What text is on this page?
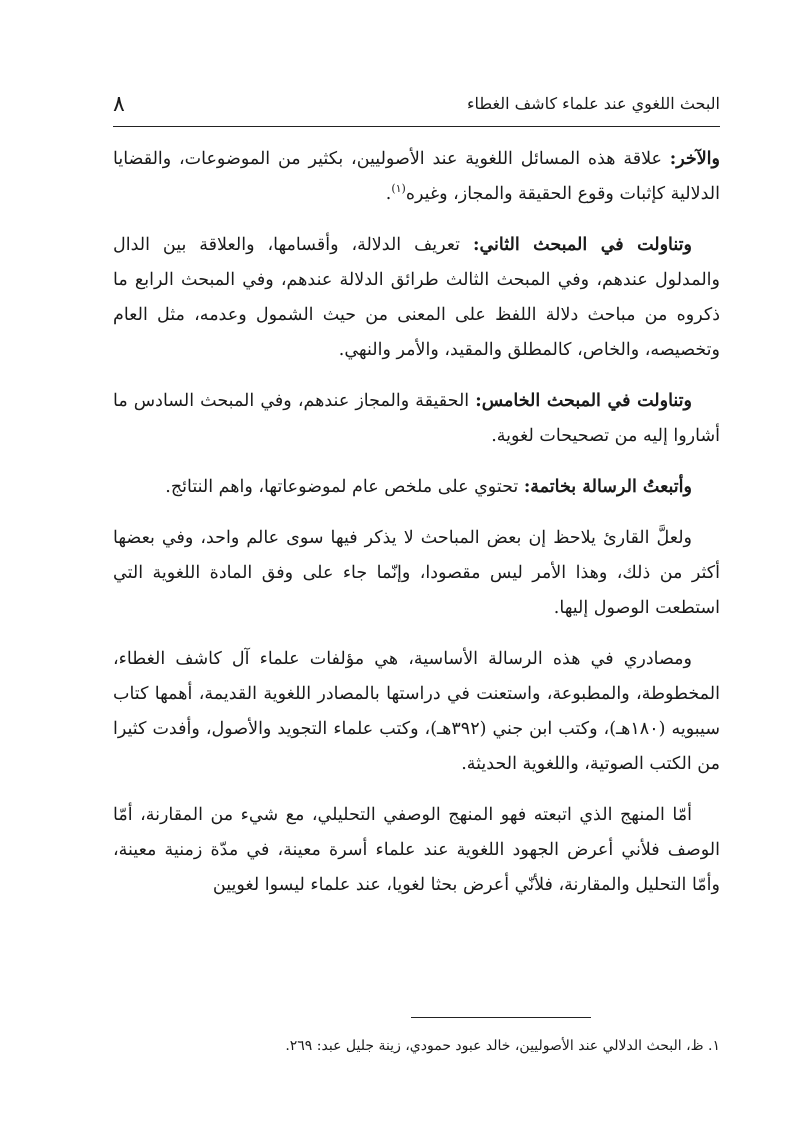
البحث اللغوي عند علماء كاشف الغطاء
٨

والآخر: علاقة هذه المسائل اللغوية عند الأصوليين، بكثير من الموضوعات، والقضايا الدلالية كإثبات وقوع الحقيقة والمجاز، وغيره$^{(١)}$.

وتناولت في المبحث الثاني: تعريف الدلالة، وأقسامها، والعلاقة بين الدال والمدلول عندهم، وفي المبحث الثالث طرائق الدلالة عندهم، وفي المبحث الرابع ما ذكروه من مباحث دلالة اللفظ على المعنى من حيث الشمول وعدمه، مثل العام وتخصيصه، والخاص، كالمطلق والمقيد، والأمر والنهي.

وتناولت في المبحث الخامس: الحقيقة والمجاز عندهم، وفي المبحث السادس ما أشاروا إليه من تصحيحات لغوية.

وأتبعتُ الرسالة بخاتمة: تحتوي على ملخص عام لموضوعاتها، واهم النتائج.

ولعلَّ القارئ يلاحظ إن بعض المباحث لا يذكر فيها سوى عالم واحد، وفي بعضها أكثر من ذلك، وهذا الأمر ليس مقصودا، وإنّما جاء على وفق المادة اللغوية التي استطعت الوصول إليها.

ومصادري في هذه الرسالة الأساسية، هي مؤلفات علماء آل كاشف الغطاء، المخطوطة، والمطبوعة، واستعنت في دراستها بالمصادر اللغوية القديمة، أهمها كتاب سيبويه (١٨٠هـ)، وكتب ابن جني (٣٩٢هـ)، وكتب علماء التجويد والأصول، وأفدت كثيرا من الكتب الصوتية، واللغوية الحديثة.

أمّا المنهج الذي اتبعته فهو المنهج الوصفي التحليلي، مع شيء من المقارنة، أمّا الوصف فلأني أعرض الجهود اللغوية عند علماء أسرة معينة، في مدّة زمنية معينة، وأمّا التحليل والمقارنة، فلأنّي أعرض بحثا لغويا، عند علماء ليسوا لغويين

١. ظ، البحث الدلالي عند الأصوليين، خالد عبود حمودي، زينة جليل عبد: ٢٦٩.
